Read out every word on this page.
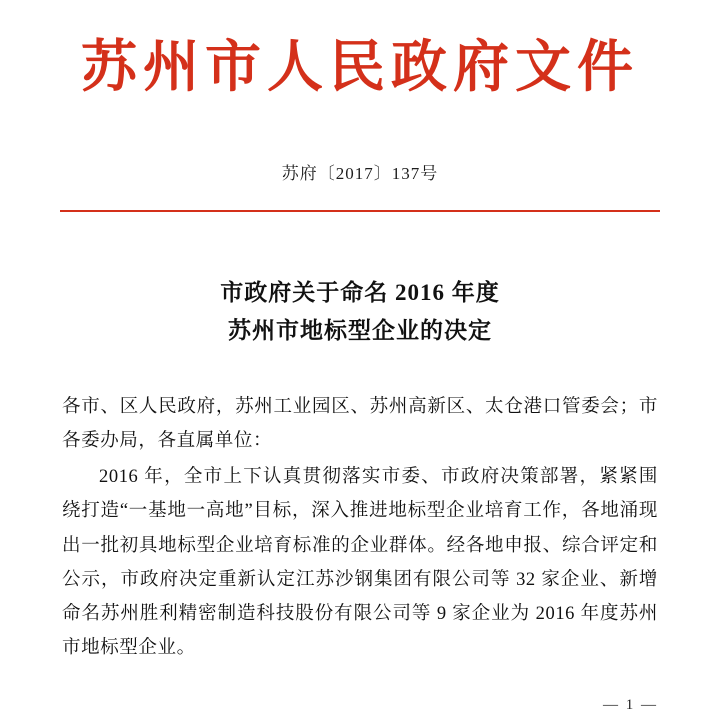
苏州市人民政府文件
苏府〔2017〕137号
市政府关于命名 2016 年度
苏州市地标型企业的决定

各市、区人民政府，苏州工业园区、苏州高新区、太仓港口管委会；市各委办局，各直属单位：

2016 年，全市上下认真贯彻落实市委、市政府决策部署，紧紧围绕打造“一基地一高地”目标，深入推进地标型企业培育工作，各地涌现出一批初具地标型企业培育标准的企业群体。经各地申报、综合评定和公示，市政府决定重新认定江苏沙钢集团有限公司等 32 家企业、新增命名苏州胜利精密制造科技股份有限公司等 9 家企业为 2016 年度苏州市地标型企业。

— 1 —
